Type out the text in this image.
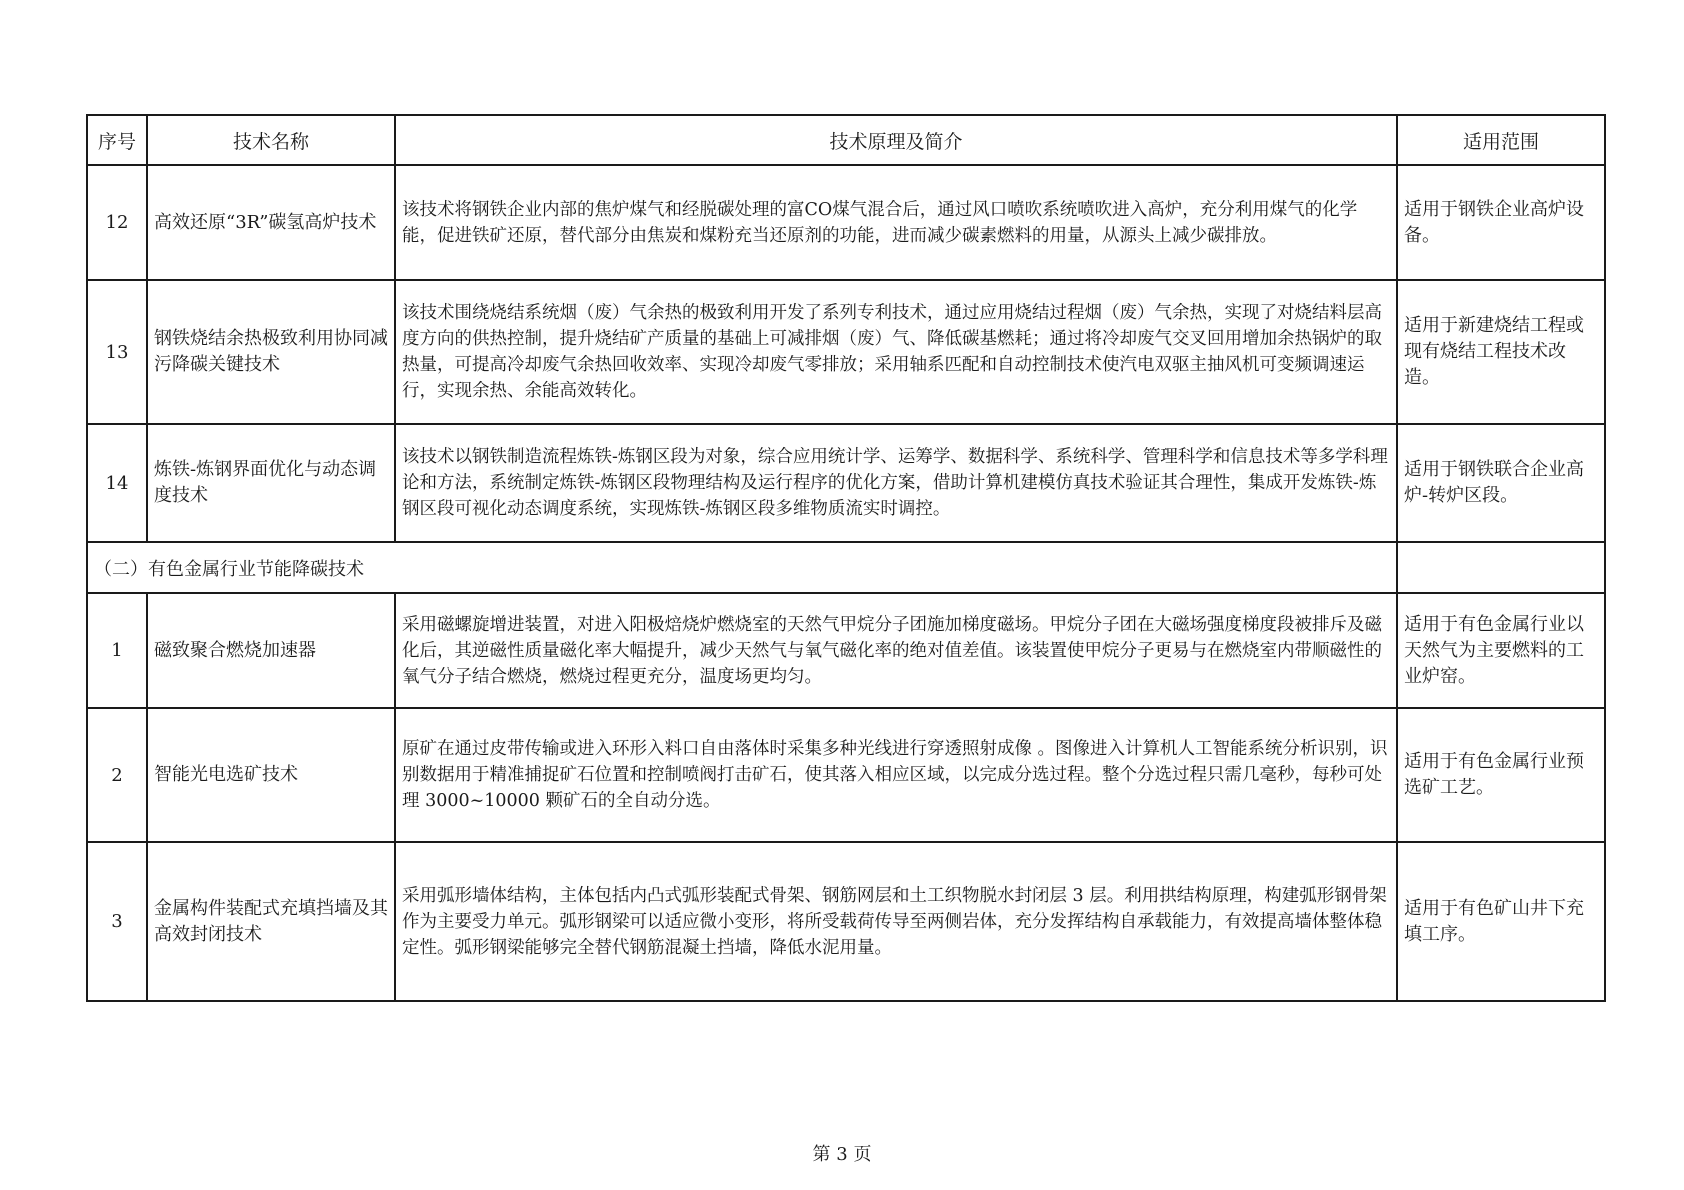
序号	技术名称	技术原理及简介	适用范围
12	高效还原“3R”碳氢高炉技术	该技术将钢铁企业内部的焦炉煤气和经脱碳处理的富CO煤气混合后，通过风口喷吹系统喷吹进入高炉，充分利用煤气的化学能，促进铁矿还原，替代部分由焦炭和煤粉充当还原剂的功能，进而减少碳素燃料的用量，从源头上减少碳排放。	适用于钢铁企业高炉设备。
13	钢铁烧结余热极致利用协同减污降碳关键技术	该技术围绕烧结系统烟（废）气余热的极致利用开发了系列专利技术，通过应用烧结过程烟（废）气余热，实现了对烧结料层高度方向的供热控制，提升烧结矿产质量的基础上可减排烟（废）气、降低碳基燃耗；通过将冷却废气交叉回用增加余热锅炉的取热量，可提高冷却废气余热回收效率、实现冷却废气零排放；采用轴系匹配和自动控制技术使汽电双驱主抽风机可变频调速运行，实现余热、余能高效转化。	适用于新建烧结工程或现有烧结工程技术改造。
14	炼铁-炼钢界面优化与动态调度技术	该技术以钢铁制造流程炼铁-炼钢区段为对象，综合应用统计学、运筹学、数据科学、系统科学、管理科学和信息技术等多学科理论和方法，系统制定炼铁-炼钢区段物理结构及运行程序的优化方案，借助计算机建模仿真技术验证其合理性，集成开发炼铁-炼钢区段可视化动态调度系统，实现炼铁-炼钢区段多维物质流实时调控。	适用于钢铁联合企业高炉-转炉区段。
（二）有色金属行业节能降碳技术			
1	磁致聚合燃烧加速器	采用磁螺旋增进装置，对进入阳极焙烧炉燃烧室的天然气甲烷分子团施加梯度磁场。甲烷分子团在大磁场强度梯度段被排斥及磁化后，其逆磁性质量磁化率大幅提升，减少天然气与氧气磁化率的绝对值差值。该装置使甲烷分子更易与在燃烧室内带顺磁性的氧气分子结合燃烧，燃烧过程更充分，温度场更均匀。	适用于有色金属行业以天然气为主要燃料的工业炉窑。
2	智能光电选矿技术	原矿在通过皮带传输或进入环形入料口自由落体时采集多种光线进行穿透照射成像 。图像进入计算机人工智能系统分析识别，识别数据用于精准捕捉矿石位置和控制喷阀打击矿石，使其落入相应区域，以完成分选过程。整个分选过程只需几毫秒，每秒可处理 3000~10000 颗矿石的全自动分选。	适用于有色金属行业预选矿工艺。
3	金属构件装配式充填挡墙及其高效封闭技术	采用弧形墙体结构，主体包括内凸式弧形装配式骨架、钢筋网层和土工织物脱水封闭层 3 层。利用拱结构原理，构建弧形钢骨架作为主要受力单元。弧形钢梁可以适应微小变形，将所受载荷传导至两侧岩体，充分发挥结构自承载能力，有效提高墙体整体稳定性。弧形钢梁能够完全替代钢筋混凝土挡墙，降低水泥用量。	适用于有色矿山井下充填工序。
第 3 页
